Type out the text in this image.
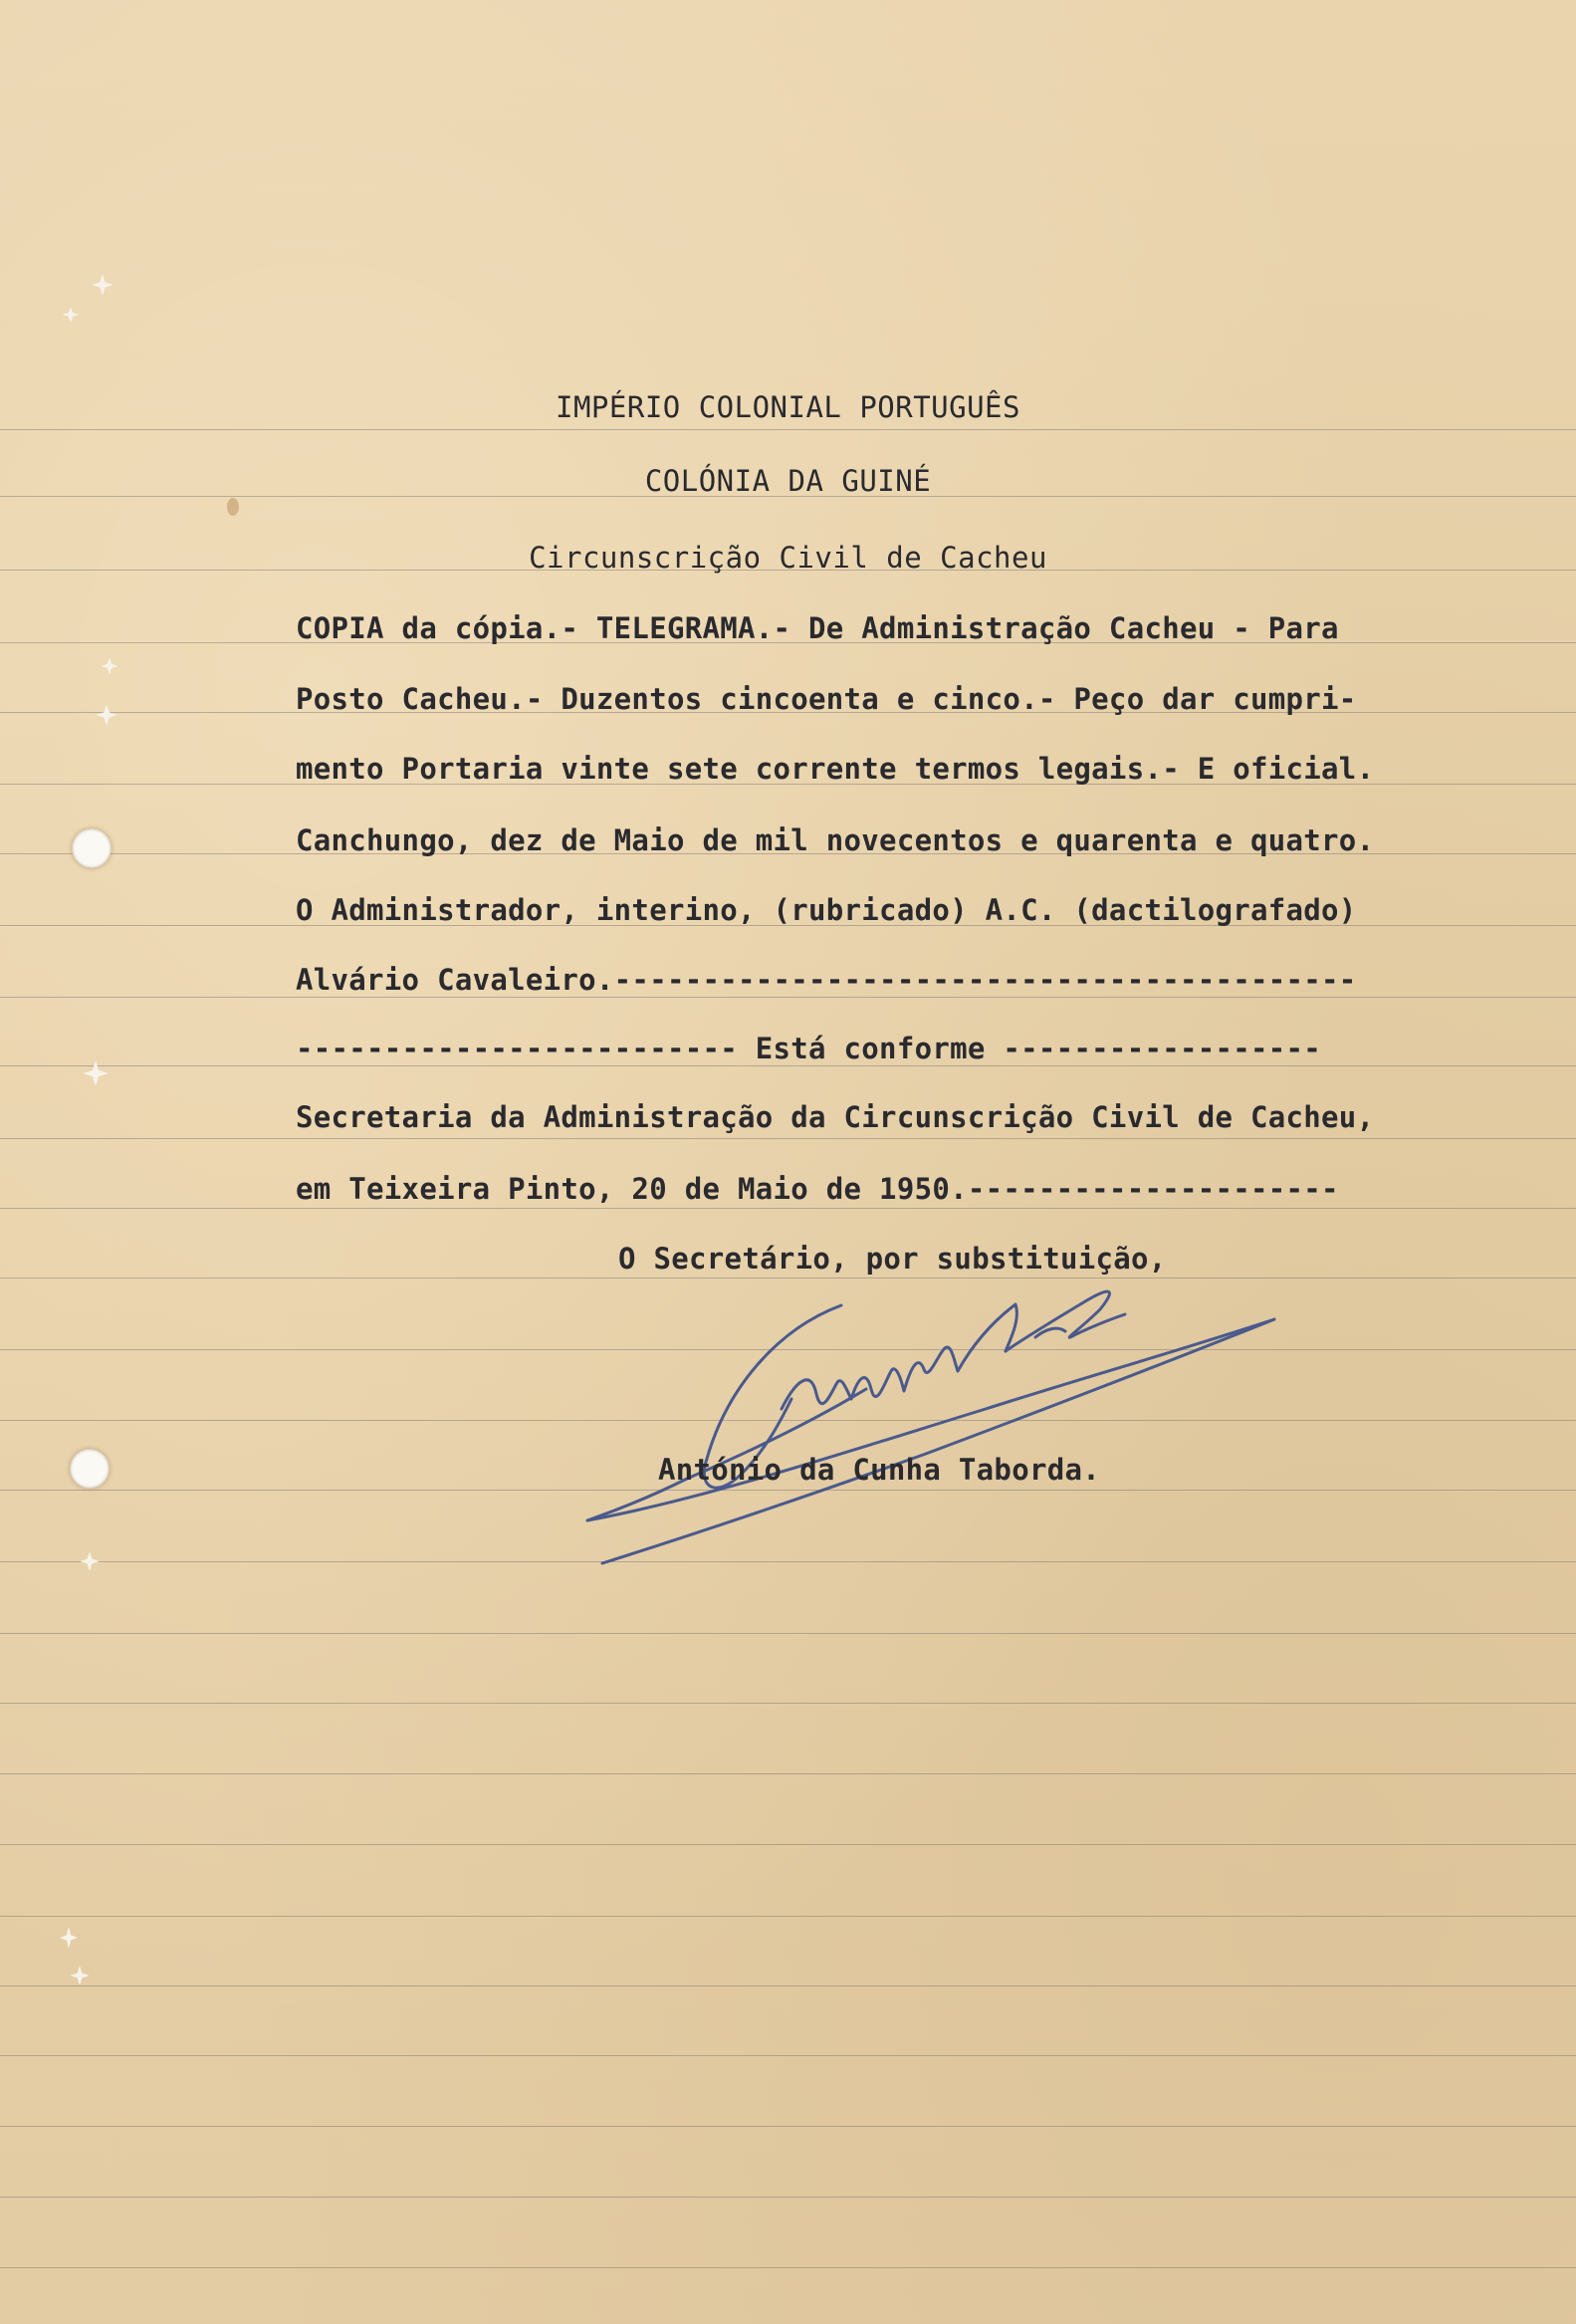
IMPÉRIO COLONIAL PORTUGUÊS

COLÓNIA DA GUINÉ

Circunscrição Civil de Cacheu

COPIA da cópia.- TELEGRAMA.- De Administração Cacheu - Para

Posto Cacheu.- Duzentos cincoenta e cinco.- Peço dar cumpri-

mento Portaria vinte sete corrente termos legais.- E oficial.

Canchungo, dez de Maio de mil novecentos e quarenta e quatro.

O Administrador, interino, (rubricado) A.C. (dactilografado)

Alvário Cavaleiro.------------------------------------------

------------------------- Está conforme ------------------

Secretaria da Administração da Circunscrição Civil de Cacheu,

em Teixeira Pinto, 20 de Maio de 1950.---------------------

O Secretário, por substituição,

António da Cunha Taborda.
